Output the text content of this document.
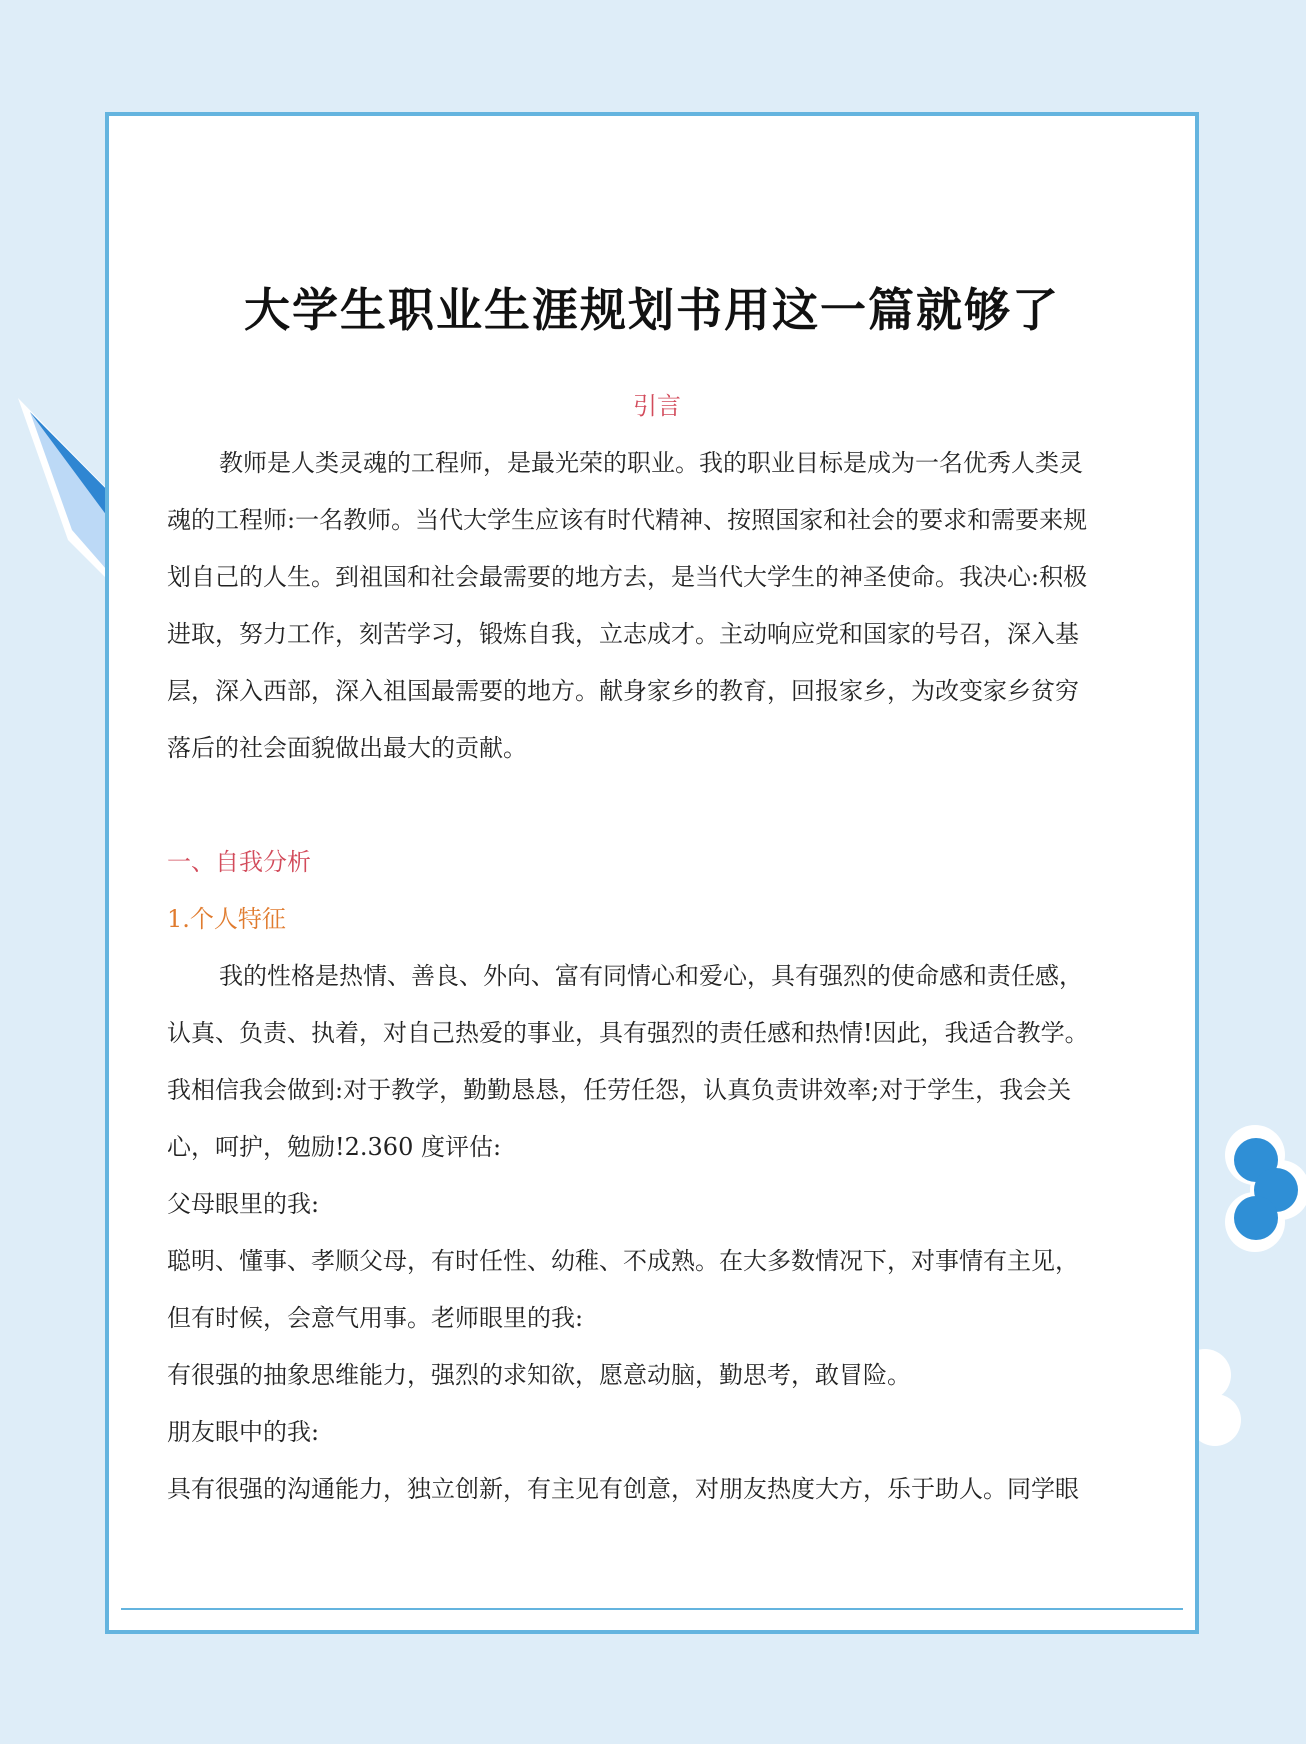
大学生职业生涯规划书用这一篇就够了
引言
教师是人类灵魂的工程师，是最光荣的职业。我的职业目标是成为一名优秀人类灵
魂的工程师:一名教师。当代大学生应该有时代精神、按照国家和社会的要求和需要来规
划自己的人生。到祖国和社会最需要的地方去，是当代大学生的神圣使命。我决心:积极
进取，努力工作，刻苦学习，锻炼自我，立志成才。主动响应党和国家的号召，深入基
层，深入西部，深入祖国最需要的地方。献身家乡的教育，回报家乡，为改变家乡贫穷
落后的社会面貌做出最大的贡献。
一、自我分析
1.个人特征
我的性格是热情、善良、外向、富有同情心和爱心，具有强烈的使命感和责任感，
认真、负责、执着，对自己热爱的事业，具有强烈的责任感和热情!因此，我适合教学。
我相信我会做到:对于教学，勤勤恳恳，任劳任怨，认真负责讲效率;对于学生，我会关
心，呵护，勉励!2.360 度评估:
父母眼里的我:
聪明、懂事、孝顺父母，有时任性、幼稚、不成熟。在大多数情况下，对事情有主见，
但有时候，会意气用事。老师眼里的我:
有很强的抽象思维能力，强烈的求知欲，愿意动脑，勤思考，敢冒险。
朋友眼中的我:
具有很强的沟通能力，独立创新，有主见有创意，对朋友热度大方，乐于助人。同学眼
